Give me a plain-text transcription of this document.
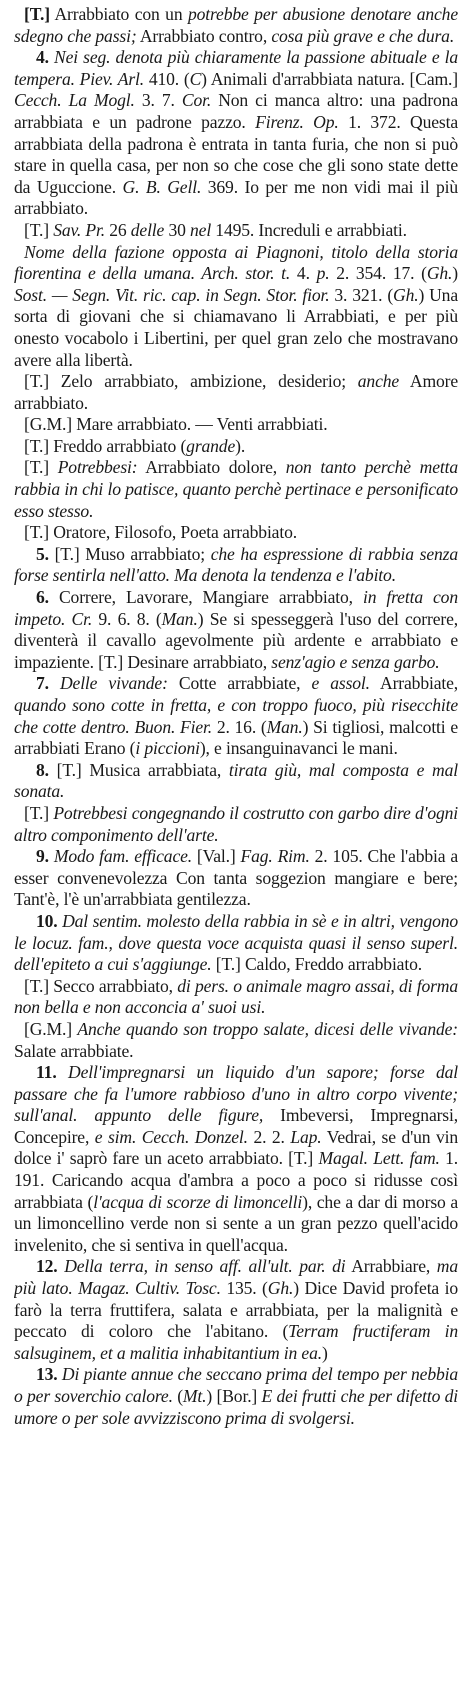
[T.] Arrabbiato con un potrebbe per abusione denotare anche sdegno che passi; Arrabbiato contro, cosa più grave e che dura.
4. Nei seg. denota più chiaramente la passione abituale e la tempera. Piev. Arl. 410. (C) Animali d'arrabbiata natura. [Cam.] Cecch. La Mogl. 3. 7. Cor. Non ci manca altro: una padrona arrabbiata e un padrone pazzo. Firenz. Op. 1. 372. Questa arrabbiata della padrona è entrata in tanta furia, che non si può stare in quella casa, per non so che cose che gli sono state dette da Uguccione. G. B. Gell. 369. Io per me non vidi mai il più arrabbiato.
[T.] Sav. Pr. 26 delle 30 nel 1495. Increduli e arrabbiati.
Nome della fazione opposta ai Piagnoni, titolo della storia fiorentina e della umana. Arch. stor. t. 4. p. 2. 354. 17. (Gh.) Sost. — Segn. Vit. ric. cap. in Segn. Stor. fior. 3. 321. (Gh.) Una sorta di giovani che si chiamavano li Arrabbiati, e per più onesto vocabolo i Libertini, per quel gran zelo che mostravano avere alla libertà.
[T.] Zelo arrabbiato, ambizione, desiderio; anche Amore arrabbiato.
[G.M.] Mare arrabbiato. — Venti arrabbiati.
[T.] Freddo arrabbiato (grande).
[T.] Potrebbesi: Arrabbiato dolore, non tanto perchè metta rabbia in chi lo patisce, quanto perchè pertinace e personificato esso stesso.
[T.] Oratore, Filosofo, Poeta arrabbiato.
5. [T.] Muso arrabbiato; che ha espressione di rabbia senza forse sentirla nell'atto. Ma denota la tendenza e l'abito.
6. Correre, Lavorare, Mangiare arrabbiato, in fretta con impeto. Cr. 9. 6. 8. (Man.) Se si spesseggerà l'uso del correre, diventerà il cavallo agevolmente più ardente e arrabbiato e impaziente. [T.] Desinare arrabbiato, senz'agio e senza garbo.
7. Delle vivande: Cotte arrabbiate, e assol. Arrabbiate, quando sono cotte in fretta, e con troppo fuoco, più risecchite che cotte dentro. Buon. Fier. 2. 16. (Man.) Si tigliosi, malcotti e arrabbiati Erano (i piccioni), e insanguinavanci le mani.
8. [T.] Musica arrabbiata, tirata giù, mal composta e mal sonata.
[T.] Potrebbesi congegnando il costrutto con garbo dire d'ogni altro componimento dell'arte.
9. Modo fam. efficace. [Val.] Fag. Rim. 2. 105. Che l'abbia a esser convenevolezza Con tanta soggezion mangiare e bere; Tant'è, l'è un'arrabbiata gentilezza.
10. Dal sentim. molesto della rabbia in sè e in altri, vengono le locuz. fam., dove questa voce acquista quasi il senso superl. dell'epiteto a cui s'aggiunge. [T.] Caldo, Freddo arrabbiato.
[T.] Secco arrabbiato, di pers. o animale magro assai, di forma non bella e non acconcia a' suoi usi.
[G.M.] Anche quando son troppo salate, dicesi delle vivande: Salate arrabbiate.
11. Dell'impregnarsi un liquido d'un sapore; forse dal passare che fa l'umore rabbioso d'uno in altro corpo vivente; sull'anal. appunto delle figure, Imbeversi, Impregnarsi, Concepire, e sim. Cecch. Donzel. 2. 2. Lap. Vedrai, se d'un vin dolce i' saprò fare un aceto arrabbiato. [T.] Magal. Lett. fam. 1. 191. Caricando acqua d'ambra a poco a poco si ridusse così arrabbiata (l'acqua di scorze di limoncelli), che a dar di morso a un limoncellino verde non si sente a un gran pezzo quell'acido invelenito, che si sentiva in quell'acqua.
12. Della terra, in senso aff. all'ult. par. di Arrabbiare, ma più lato. Magaz. Cultiv. Tosc. 135. (Gh.) Dice David profeta io farò la terra fruttifera, salata e arrabbiata, per la malignità e peccato di coloro che l'abitano. (Terram fructiferam in salsuginem, et a malitia inhabitantium in ea.)
13. Di piante annue che seccano prima del tempo per nebbia o per soverchio calore. (Mt.) [Bor.] E dei frutti che per difetto di umore o per sole avvizziscono prima di svolgersi.
